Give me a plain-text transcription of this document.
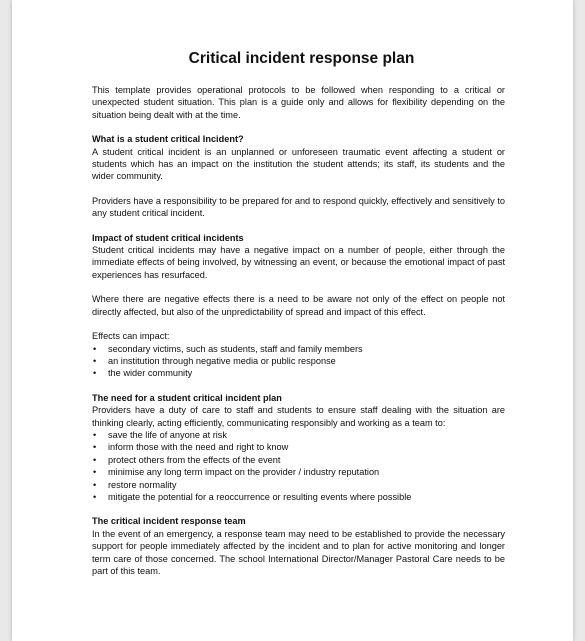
Critical incident response plan

This template provides operational protocols to be followed when responding to a critical or unexpected student situation. This plan is a guide only and allows for flexibility depending on the situation being dealt with at the time.

What is a student critical Incident?

A student critical incident is an unplanned or unforeseen traumatic event affecting a student or students which has an impact on the institution the student attends; its staff, its students and the wider community.

Providers have a responsibility to be prepared for and to respond quickly, effectively and sensitively to any student critical incident.

Impact of student critical incidents

Student critical incidents may have a negative impact on a number of people, either through the immediate effects of being involved, by witnessing an event, or because the emotional impact of past experiences has resurfaced.

Where there are negative effects there is a need to be aware not only of the effect on people not directly affected, but also of the unpredictability of spread and impact of this effect.

Effects can impact:
• secondary victims, such as students, staff and family members
• an institution through negative media or public response
• the wider community
The need for a student critical incident plan
Providers have a duty of care to staff and students to ensure staff dealing with the situation are thinking clearly, acting efficiently, communicating responsibly and working as a team to:
• save the life of anyone at risk
• inform those with the need and right to know
• protect others from the effects of the event
• minimise any long term impact on the provider / industry reputation
• restore normality
• mitigate the potential for a reoccurrence or resulting events where possible
The critical incident response team

In the event of an emergency, a response team may need to be established to provide the necessary support for people immediately affected by the incident and to plan for active monitoring and longer term care of those concerned. The school International Director/Manager Pastoral Care needs to be part of this team.
